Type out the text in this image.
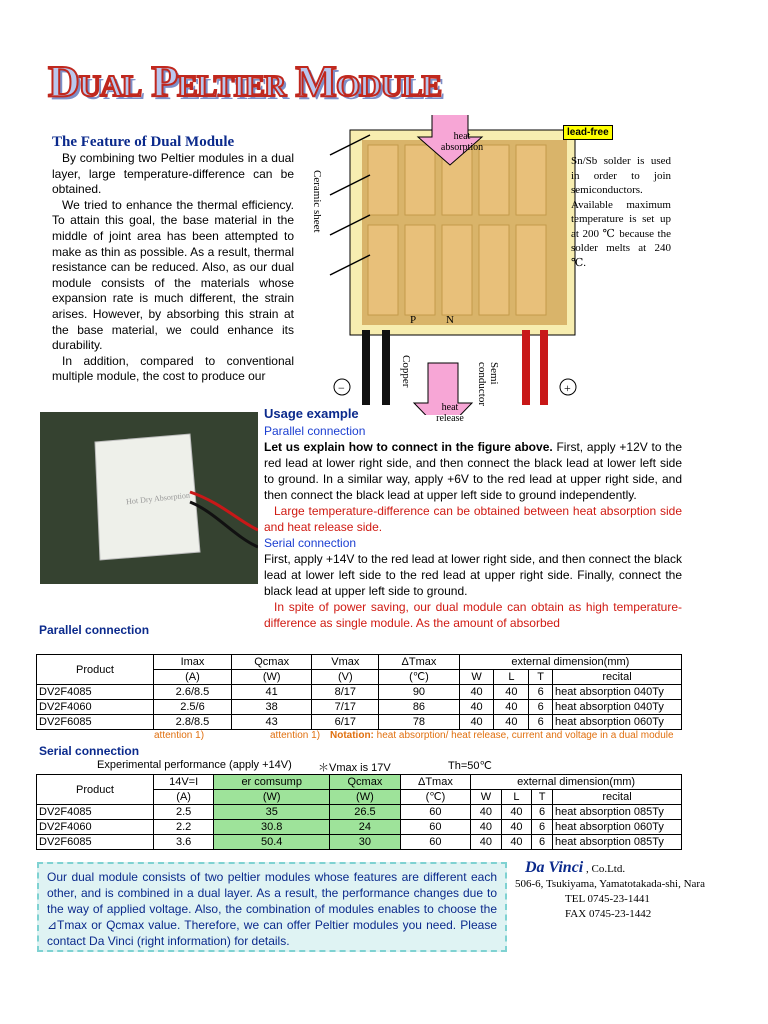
Dual Peltier Module
The Feature of Dual Module

By combining two Peltier modules in a dual layer, large temperature-difference can be obtained.

We tried to enhance the thermal efficiency. To attain this goal, the base material in the middle of joint area has been attempted to make as thin as possible. As a result, thermal resistance can be reduced. Also, as our dual module consists of the materials whose expansion rate is much different, the strain arises. However, by absorbing this strain at the base material, we could enhance its durability.

In addition, compared to conventional multiple module, the cost to produce our

heat absorption
heat release
Ceramic sheet
Copper	Semi conductor
−	+
P	N
lead-free
Sn/Sb solder is used in order to join semiconductors. Available maximum temperature is set up at 200 ℃ because the solder melts at 240 ℃.
Hot Dry Absorption
Usage example

Parallel connection

Let us explain how to connect in the figure above. First, apply +12V to the red lead at lower right side, and then connect the black lead at lower left side to ground. In a similar way, apply +6V to the red lead at upper right side, and then connect the black lead at upper left side to ground independently.

Large temperature-difference can be obtained between heat absorption side and heat release side.

Serial connection

First, apply +14V to the red lead at lower right side, and then connect the black lead at lower left side to the red lead at upper right side. Finally, connect the black lead at upper left side to ground.

In spite of power saving, our dual module can obtain as high temperature-difference as single module. As the amount of absorbed

Parallel connection
Product	Imax	Qcmax	Vmax	ΔTmax	external dimension(mm)			
	(A)	(W)	(V)	(℃)	W	L	T	recital
DV2F4085	2.6/8.5	41	8/17	90	40	40	6	heat absorption 040Ty
DV2F4060	2.5/6	38	7/17	86	40	40	6	heat absorption 040Ty
DV2F6085	2.8/8.5	43	6/17	78	40	40	6	heat absorption 060Ty
attention 1)	attention 1) Notation: heat absorption/ heat release, current and voltage in a dual module
Serial connection
Experimental performance (apply +14V) ＊Vmax is 17V	Th=50℃
Product	14V=I	er comsump	Qcmax	ΔTmax	external dimension(mm)			
	(A)	(W)	(W)	(℃)	W	L	T	recital
DV2F4085	2.5	35	26.5	60	40	40	6	heat absorption 085Ty
DV2F4060	2.2	30.8	24	60	40	40	6	heat absorption 060Ty
DV2F6085	3.6	50.4	30	60	40	40	6	heat absorption 085Ty
Our dual module consists of two peltier modules whose features are different each other, and is combined in a dual layer. As a result, the performance changes due to the way of applied voltage. Also, the combination of modules enables to choose the ⊿Tmax or Qcmax value. Therefore, we can offer Peltier modules you need. Please contact Da Vinci (right information) for details.
Da Vinci , Co.Ltd.
506-6, Tsukiyama, Yamatotakada-shi, Nara
TEL 0745-23-1441
FAX 0745-23-1442
